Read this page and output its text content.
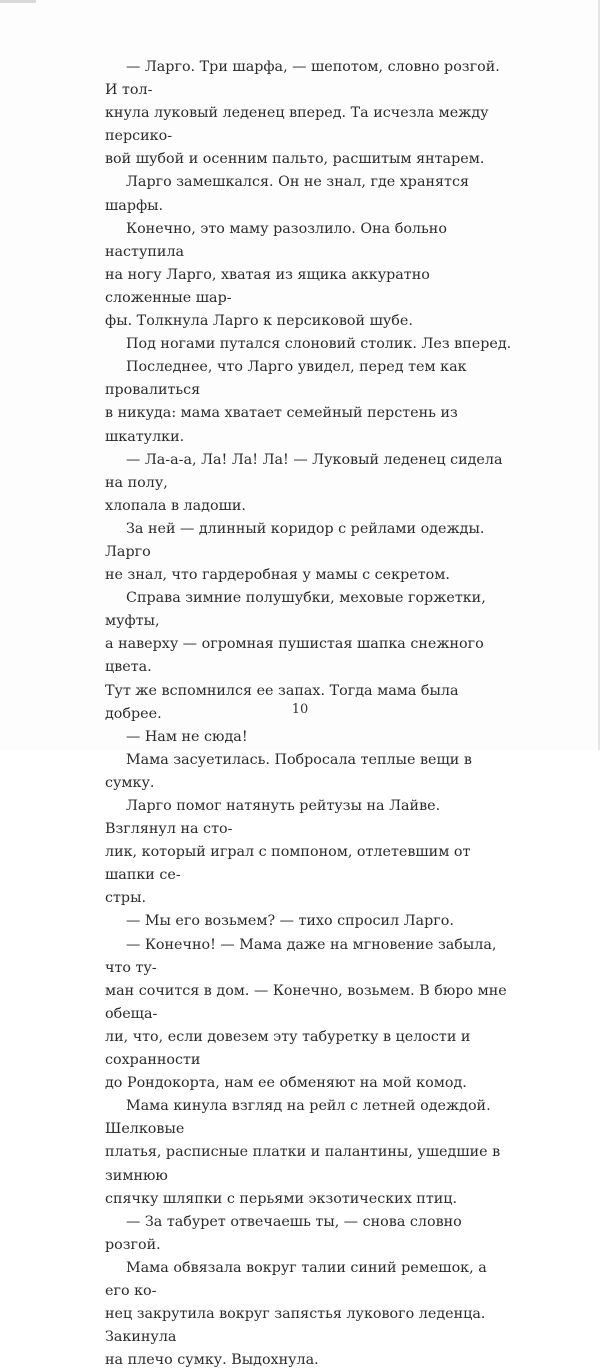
— Ларго. Три шарфа, — шепотом, словно розгой. И тол-
кнула луковый леденец вперед. Та исчезла между персико-
вой шубой и осенним пальто, расшитым янтарем.

Ларго замешкался. Он не знал, где хранятся шарфы.

Конечно, это маму разозлило. Она больно наступила
на ногу Ларго, хватая из ящика аккуратно сложенные шар-
фы. Толкнула Ларго к персиковой шубе.

Под ногами путался слоновий столик. Лез вперед.

Последнее, что Ларго увидел, перед тем как провалиться
в никуда: мама хватает семейный перстень из шкатулки.

— Ла-а-а, Ла! Ла! Ла! — Луковый леденец сидела на полу,
хлопала в ладоши.

За ней — длинный коридор с рейлами одежды. Ларго
не знал, что гардеробная у мамы с секретом.

Справа зимние полушубки, меховые горжетки, муфты,
а наверху — огромная пушистая шапка снежного цвета.
Тут же вспомнился ее запах. Тогда мама была добрее.

— Нам не сюда!

Мама засуетилась. Побросала теплые вещи в сумку.

Ларго помог натянуть рейтузы на Лайве. Взглянул на сто-
лик, который играл с помпоном, отлетевшим от шапки се-
стры.

— Мы его возьмем? — тихо спросил Ларго.

— Конечно! — Мама даже на мгновение забыла, что ту-
ман сочится в дом. — Конечно, возьмем. В бюро мне обеща-
ли, что, если довезем эту табуретку в целости и сохранности
до Рондокорта, нам ее обменяют на мой комод.

Мама кинула взгляд на рейл с летней одеждой. Шелковые
платья, расписные платки и палантины, ушедшие в зимнюю
спячку шляпки с перьями экзотических птиц.

— За табурет отвечаешь ты, — снова словно розгой.

Мама обвязала вокруг талии синий ремешок, а его ко-
нец закрутила вокруг запястья лукового леденца. Закинула
на плечо сумку. Выдохнула.

10
